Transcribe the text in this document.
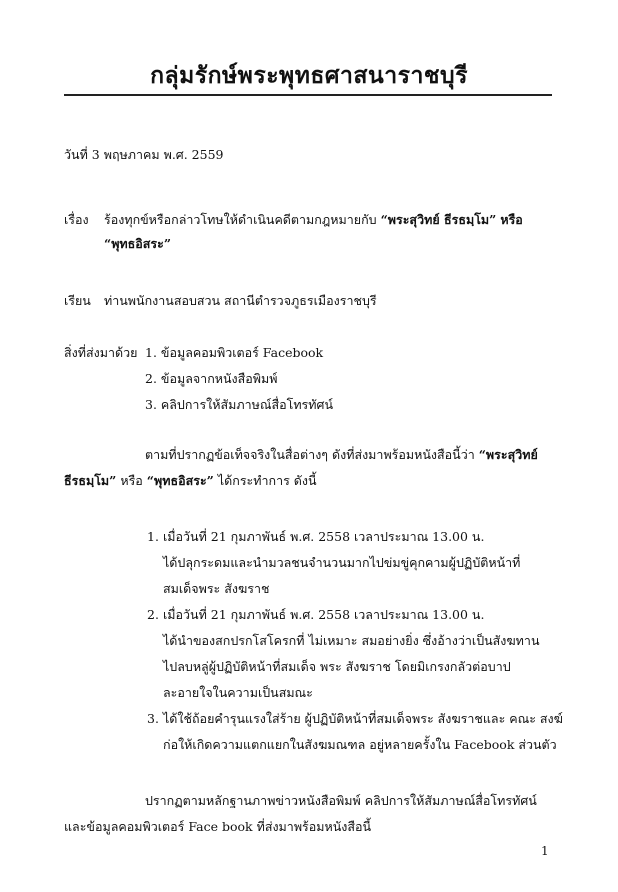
กลุ่มรักษ์พระพุทธศาสนาราชบุรี
วันที่ 3 พฤษภาคม พ.ศ. 2559
เรื่อง ร้องทุกข์หรือกล่าวโทษให้ดำเนินคดีตามกฎหมายกับ “พระสุวิทย์ ธีรธมฺโม” หรือ
“พุทธอิสระ”
เรียน ท่านพนักงานสอบสวน สถานีตำรวจภูธรเมืองราชบุรี
สิ่งที่ส่งมาด้วย 1. ข้อมูลคอมพิวเตอร์ Facebook
2. ข้อมูลจากหนังสือพิมพ์
3. คลิปการให้สัมภาษณ์สื่อโทรทัศน์
ตามที่ปรากฏข้อเท็จจริงในสื่อต่างๆ ดังที่ส่งมาพร้อมหนังสือนี้ว่า “พระสุวิทย์
ธีรธมฺโม” หรือ “พุทธอิสระ” ได้กระทำการ ดังนี้
1. เมื่อวันที่ 21 กุมภาพันธ์ พ.ศ. 2558 เวลาประมาณ 13.00 น.
ได้ปลุกระดมและนำมวลชนจำนวนมากไปข่มขู่คุกคามผู้ปฏิบัติหน้าที่
สมเด็จพระ สังฆราช
2. เมื่อวันที่ 21 กุมภาพันธ์ พ.ศ. 2558 เวลาประมาณ 13.00 น.
ได้นำของสกปรกโสโครกที่ ไม่เหมาะ สมอย่างยิ่ง ซึ่งอ้างว่าเป็นสังฆทาน
ไปลบหลู่ผู้ปฏิบัติหน้าที่สมเด็จ พระ สังฆราช โดยมิเกรงกลัวต่อบาป
ละอายใจในความเป็นสมณะ
3. ได้ใช้ถ้อยคำรุนแรงใส่ร้าย ผู้ปฏิบัติหน้าที่สมเด็จพระ สังฆราชและ คณะ สงฆ์
ก่อให้เกิดความแตกแยกในสังฆมณฑล อยู่หลายครั้งใน Facebook ส่วนตัว
ปรากฏตามหลักฐานภาพข่าวหนังสือพิมพ์ คลิปการให้สัมภาษณ์สื่อโทรทัศน์
และข้อมูลคอมพิวเตอร์ Face book ที่ส่งมาพร้อมหนังสือนี้
1
